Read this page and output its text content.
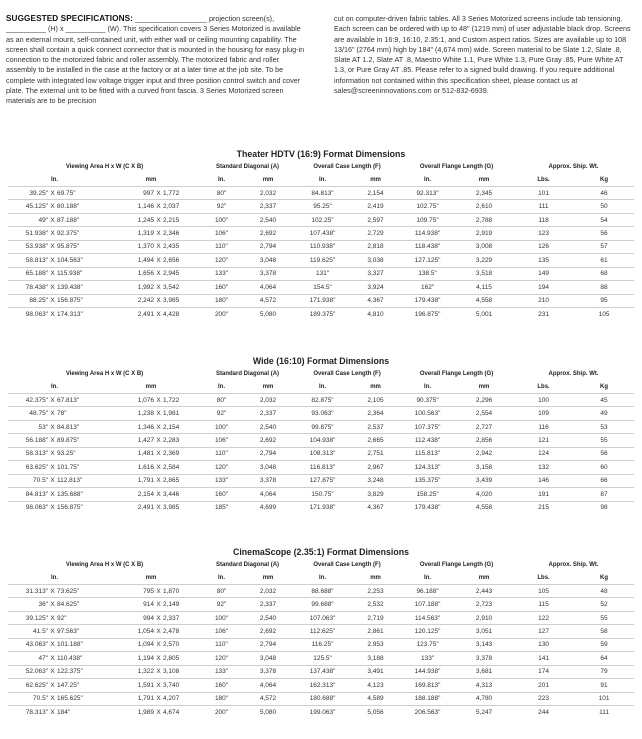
SUGGESTED SPECIFICATIONS: __________________ projection screen(s), __________ (H) x __________ (W). This specification covers 3 Series Motorized is available as an external mount, self-contained unit, with either wall or ceiling mounting capability. The screen shall contain a quick connect connector that is mounted in the housing for easy plug-in connection to the motorized fabric and roller assembly. The motorized fabric and roller assembly to be installed in the case at the factory or at a later time at the job site. To be complete with integrated low voltage trigger input and three position control switch and cover plate. The external unit to be fitted with a curved front fascia. 3 Series Motorized screen materials are to be precision
cut on computer-driven fabric tables. All 3 Series Motorized screens include tab tensioning. Each screen can be ordered with up to 48" (1219 mm) of user adjustable black drop. Screens are available in 16:9, 16:10, 2.35:1, and Custom aspect ratios. Sizes are available up to 108 13/16" (2764 mm) high by 184" (4,674 mm) wide. Screen material to be Slate 1.2, Slate .8, Slate AT 1.2, Slate AT .8, Maestro White 1.1, Pure White 1.3, Pure Gray .85, Pure White AT 1.3, or Pure Gray AT .85. Please refer to a signed build drawing. If you require additional information not contained within this specification sheet, please contact us at sales@screeninnovations.com or 512-832-6939.
Theater HDTV (16:9) Format Dimensions
Viewing Area H x W (C X B)						Standard Diagonal (A)		Overall Case Length (F)		Overall Flange Length (G)		Approx. Ship. Wt.	
In.			mm			In.	mm	In.	mm	In.	mm	Lbs.	Kg
39.25"	X	69.75"	997	X	1,772	80"	2,032	84.813"	2,154	92.313"	2,345	101	46
45.125"	X	80.188"	1,146	X	2,037	92"	2,337	95.25"	2,419	102.75"	2,610	111	50
49"	X	87.188"	1,245	X	2,215	100"	2,540	102.25"	2,597	109.75"	2,788	118	54
51.938"	X	92.375"	1,319	X	2,346	106"	2,692	107.438"	2,729	114.938"	2,919	123	56
53.938"	X	95.875"	1,370	X	2,435	110"	2,794	110.938"	2,818	118.438"	3,008	126	57
58.813"	X	104.563"	1,494	X	2,656	120"	3,048	119.625"	3,038	127.125"	3,229	135	61
65.188"	X	115.938"	1,656	X	2,945	133"	3,378	131"	3,327	138.5"	3,518	149	68
78.438"	X	139.438"	1,992	X	3,542	160"	4,064	154.5"	3,924	162"	4,115	194	88
88.25"	X	156.875"	2,242	X	3,985	180"	4,572	171.938"	4,367	179.438"	4,558	210	95
98.063"	X	174.313"	2,491	X	4,428	200"	5,080	189.375"	4,810	196.875"	5,001	231	105
Wide (16:10) Format Dimensions
Viewing Area H x W (C X B)						Standard Diagonal (A)		Overall Case Length (F)		Overall Flange Length (G)		Approx. Ship. Wt.	
In.			mm			In.	mm	In.	mm	In.	mm	Lbs.	Kg
42.375"	X	67.813"	1,076	X	1,722	80"	2,032	82.875"	2,105	90.375"	2,296	100	45
48.75"	X	78"	1,238	X	1,981	92"	2,337	93.063"	2,364	100.563"	2,554	109	49
53"	X	84.813"	1,346	X	2,154	100"	2,540	99.875"	2,537	107.375"	2,727	116	53
56.188"	X	89.875"	1,427	X	2,283	106"	2,692	104.938"	2,665	112.438"	2,856	121	55
58.313"	X	93.25"	1,481	X	2,369	110"	2,794	108.313"	2,751	115.813"	2,942	124	56
63.625"	X	101.75"	1,616	X	2,584	120"	3,048	116.813"	2,967	124.313"	3,158	132	60
70.5"	X	112.813"	1,791	X	2,865	133"	3,378	127.875"	3,248	135.375"	3,439	146	66
84.813"	X	135.688"	2,154	X	3,446	160"	4,064	150.75"	3,829	158.25"	4,020	191	87
98.063"	X	156.875"	2,491	X	3,985	185"	4,699	171.938"	4,367	179.438"	4,558	215	98
CinemaScope (2.35:1) Format Dimensions
Viewing Area H x W (C X B)						Standard Diagonal (A)		Overall Case Length (F)		Overall Flange Length (G)		Approx. Ship. Wt.	
In.			mm			In.	mm	In.	mm	In.	mm	Lbs.	Kg
31.313"	X	73.625"	795	X	1,870	80"	2,032	88.688"	2,253	96.188"	2,443	105	48
36"	X	84.625"	914	X	2,149	92"	2,337	99.688"	2,532	107.188"	2,723	115	52
39.125"	X	92"	994	X	2,337	100"	2,540	107.063"	2,719	114.563"	2,910	122	55
41.5"	X	97.563"	1,054	X	2,478	106"	2,692	112.625"	2,861	120.125"	3,051	127	58
43.063"	X	101.188"	1,094	X	2,570	110"	2,794	116.25"	2,953	123.75"	3,143	130	59
47"	X	110.438"	1,194	X	2,805	120"	3,048	125.5"	3,188	133"	3,378	141	64
52.063"	X	122.375"	1,322	X	3,108	133"	3,378	137.438"	3,491	144.938"	3,681	174	79
62.625"	X	147.25"	1,591	X	3,740	160"	4,064	162.313"	4,123	169.813"	4,313	201	91
70.5"	X	165.625"	1,791	X	4,207	180"	4,572	180.688"	4,589	188.188"	4,780	223	101
78.313"	X	184"	1,989	X	4,674	200"	5,080	199.063"	5,056	206.563"	5,247	244	111
